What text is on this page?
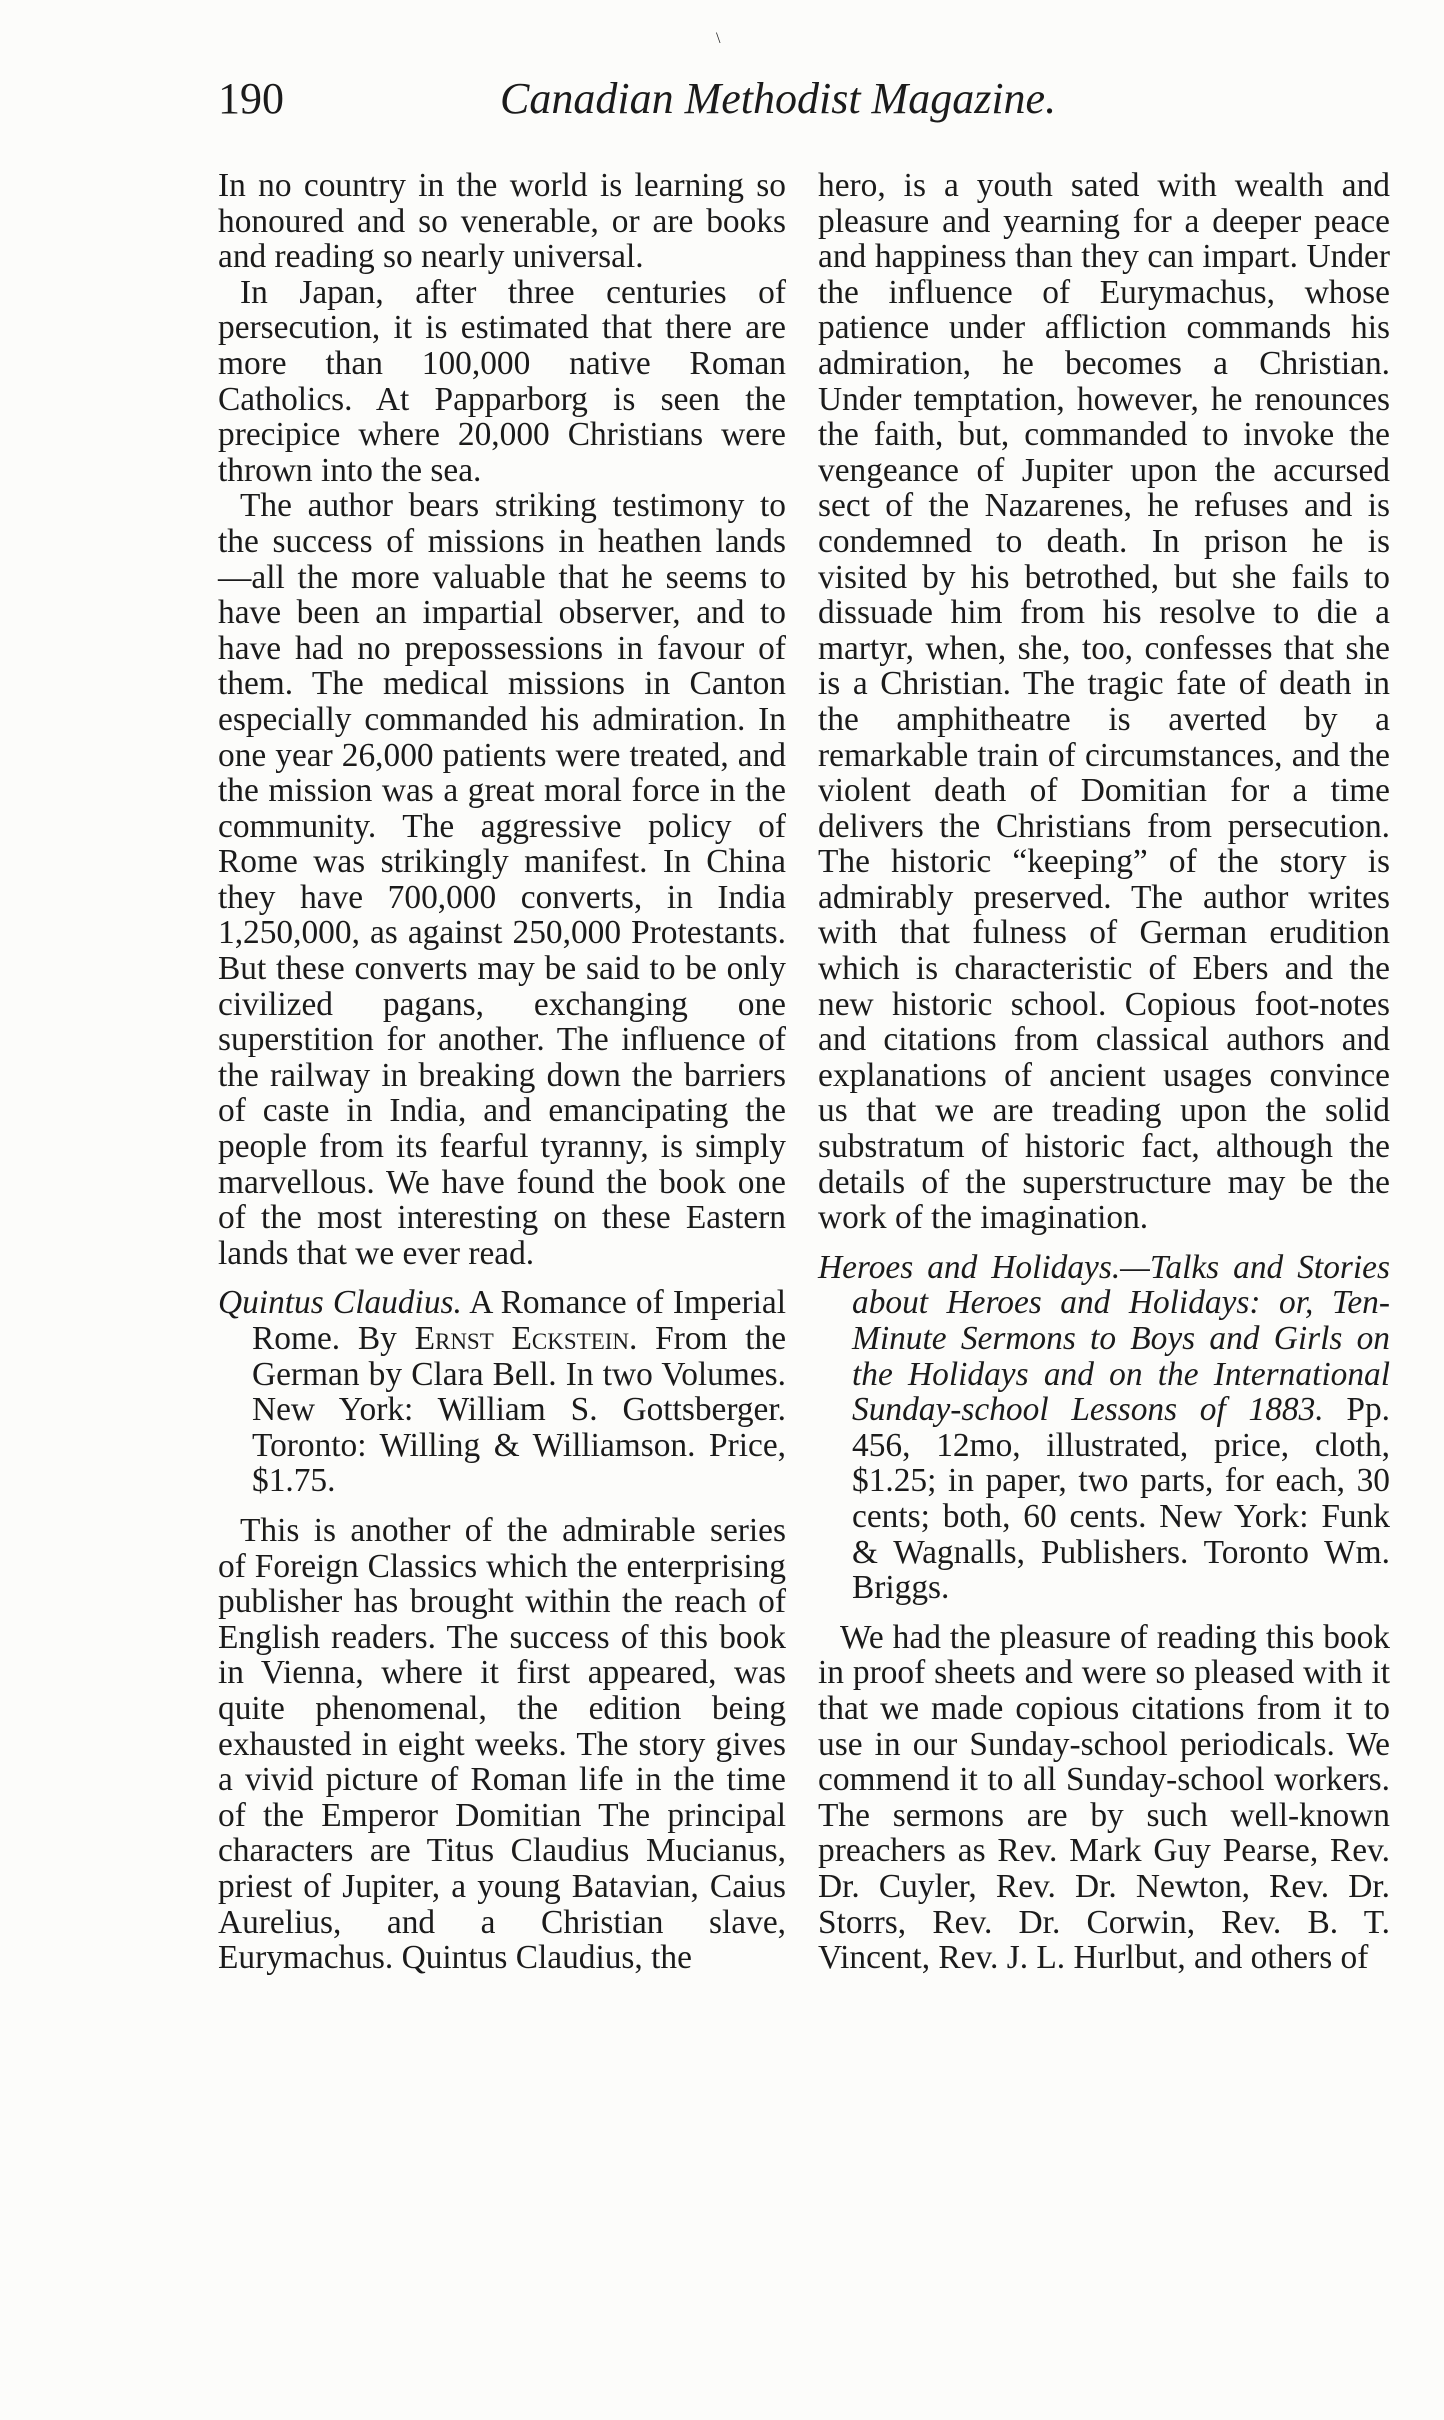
\
190	Canadian Methodist Magazine.

In no country in the world is learning so honoured and so venerable, or are books and reading so nearly universal.

In Japan, after three centuries of persecution, it is estimated that there are more than 100,000 native Roman Catholics. At Papparborg is seen the precipice where 20,000 Christians were thrown into the sea.

The author bears striking testimony to the success of missions in heathen lands—all the more valuable that he seems to have been an impartial observer, and to have had no prepossessions in favour of them. The medical missions in Canton especially commanded his admiration. In one year 26,000 patients were treated, and the mission was a great moral force in the community. The aggressive policy of Rome was strikingly manifest. In China they have 700,000 converts, in India 1,250,000, as against 250,000 Protestants. But these converts may be said to be only civilized pagans, exchanging one superstition for another. The influence of the railway in breaking down the barriers of caste in India, and emancipating the people from its fearful tyranny, is simply marvellous. We have found the book one of the most interesting on these Eastern lands that we ever read.

Quintus Claudius. A Romance of Imperial Rome. By Ernst Eckstein. From the German by Clara Bell. In two Volumes. New York: William S. Gottsberger. Toronto: Willing & Williamson. Price, $1.75.

This is another of the admirable series of Foreign Classics which the enterprising publisher has brought within the reach of English readers. The success of this book in Vienna, where it first appeared, was quite phenomenal, the edition being exhausted in eight weeks. The story gives a vivid picture of Roman life in the time of the Emperor Domitian The principal characters are Titus Claudius Mucianus, priest of Jupiter, a young Batavian, Caius Aurelius, and a Christian slave, Eurymachus. Quintus Claudius, the

hero, is a youth sated with wealth and pleasure and yearning for a deeper peace and happiness than they can impart. Under the influence of Eurymachus, whose patience under affliction commands his admiration, he becomes a Christian. Under temptation, however, he renounces the faith, but, commanded to invoke the vengeance of Jupiter upon the accursed sect of the Nazarenes, he refuses and is condemned to death. In prison he is visited by his betrothed, but she fails to dissuade him from his resolve to die a martyr, when, she, too, confesses that she is a Christian. The tragic fate of death in the amphitheatre is averted by a remarkable train of circumstances, and the violent death of Domitian for a time delivers the Christians from persecution. The historic “keeping” of the story is admirably preserved. The author writes with that fulness of German erudition which is characteristic of Ebers and the new historic school. Copious foot-notes and citations from classical authors and explanations of ancient usages convince us that we are treading upon the solid substratum of historic fact, although the details of the superstructure may be the work of the imagination.

Heroes and Holidays.—Talks and Stories about Heroes and Holidays: or, Ten-Minute Sermons to Boys and Girls on the Holidays and on the International Sunday-school Lessons of 1883. Pp. 456, 12mo, illustrated, price, cloth, $1.25; in paper, two parts, for each, 30 cents; both, 60 cents. New York: Funk & Wagnalls, Publishers. Toronto Wm. Briggs.

We had the pleasure of reading this book in proof sheets and were so pleased with it that we made copious citations from it to use in our Sunday-school periodicals. We commend it to all Sunday-school workers. The sermons are by such well-known preachers as Rev. Mark Guy Pearse, Rev. Dr. Cuyler, Rev. Dr. Newton, Rev. Dr. Storrs, Rev. Dr. Corwin, Rev. B. T. Vincent, Rev. J. L. Hurlbut, and others of
